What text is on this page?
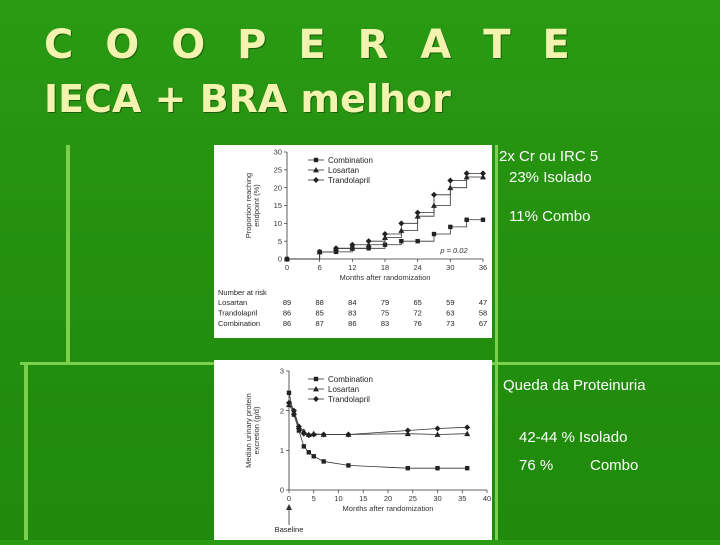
C O O P E R A T E
IECA + BRA melhor
0
5
10
15
20
25
30
0	6	12	18	24	30	36
Months after randomization
Proportion reaching endpoint (%)
Combination
Losartan
Trandolapril
p = 0.02
Number at risk
Losartan	89	88	84	79	65	59	47
Trandolapril	86	85	83	75	72	63	58
Combination	86	87	86	83	76	73	67
0
1
2
3
0	5 10 15 20 25 30 35 40
Months after randomization
Median urinary protein excretion (g/d)
Combination
Losartan
Trandolapril
Baseline
2x Cr ou IRC 5
23% Isolado
11% Combo
Queda da Proteinuria
42-44 % Isolado
76 % Combo
